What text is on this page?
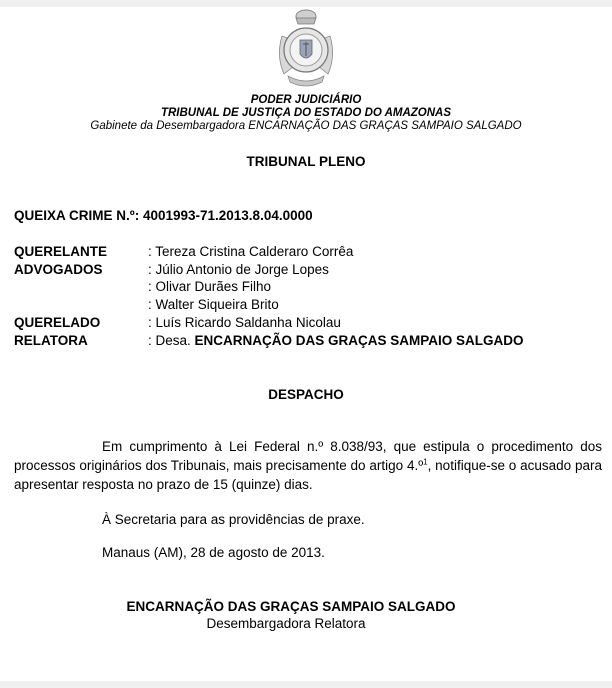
PODER JUDICIÁRIO
TRIBUNAL DE JUSTIÇA DO ESTADO DO AMAZONAS
Gabinete da Desembargadora ENCARNAÇÃO DAS GRAÇAS SAMPAIO SALGADO
TRIBUNAL PLENO
QUEIXA CRIME N.º: 4001993-71.2013.8.04.0000
QUERELANTE	: Tereza Cristina Calderaro Corrêa
ADVOGADOS	: Júlio Antonio de Jorge Lopes
: Olivar Durães Filho
: Walter Siqueira Brito
QUERELADO	: Luís Ricardo Saldanha Nicolau
RELATORA	: Desa. ENCARNAÇÃO DAS GRAÇAS SAMPAIO SALGADO
DESPACHO
Em cumprimento à Lei Federal n.º 8.038/93, que estipula o procedimento dos processos originários dos Tribunais, mais precisamente do artigo 4.º$^1$, notifique-se o acusado para apresentar resposta no prazo de 15 (quinze) dias.
À Secretaria para as providências de praxe.
Manaus (AM), 28 de agosto de 2013.
ENCARNAÇÃO DAS GRAÇAS SAMPAIO SALGADO
Desembargadora Relatora
